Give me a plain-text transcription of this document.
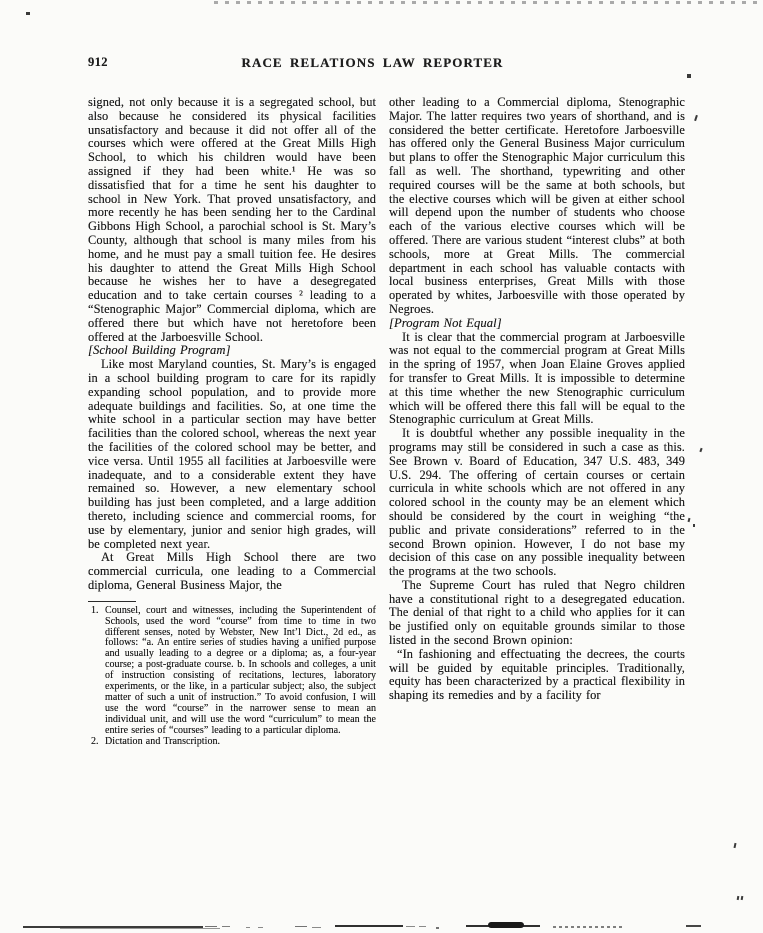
912	RACE RELATIONS LAW REPORTER

signed, not only because it is a segregated school, but also because he considered its physical facilities unsatisfactory and because it did not offer all of the courses which were offered at the Great Mills High School, to which his children would have been assigned if they had been white.¹ He was so dissatisfied that for a time he sent his daughter to school in New York. That proved unsatisfactory, and more recently he has been sending her to the Cardinal Gibbons High School, a parochial school is St. Mary’s County, although that school is many miles from his home, and he must pay a small tuition fee. He desires his daughter to attend the Great Mills High School because he wishes her to have a desegregated education and to take certain courses ² leading to a “Stenographic Major” Commercial diploma, which are offered there but which have not heretofore been offered at the Jarboesville School.

[School Building Program]

Like most Maryland counties, St. Mary’s is engaged in a school building program to care for its rapidly expanding school population, and to provide more adequate buildings and facilities. So, at one time the white school in a particular section may have better facilities than the colored school, whereas the next year the facilities of the colored school may be better, and vice versa. Until 1955 all facilities at Jarboesville were inadequate, and to a considerable extent they have remained so. However, a new elementary school building has just been completed, and a large addition thereto, including science and commercial rooms, for use by elementary, junior and senior high grades, will be completed next year.

At Great Mills High School there are two commercial curricula, one leading to a Commercial diploma, General Business Major, the

1. Counsel, court and witnesses, including the Superintendent of Schools, used the word “course” from time to time in two different senses, noted by Webster, New Int’l Dict., 2d ed., as follows: “a. An entire series of studies having a unified purpose and usually leading to a degree or a diploma; as, a four-year course; a post-graduate course. b. In schools and colleges, a unit of instruction consisting of recitations, lectures, laboratory experiments, or the like, in a particular subject; also, the subject matter of such a unit of instruction.” To avoid confusion, I will use the word “course” in the narrower sense to mean an individual unit, and will use the word “curriculum” to mean the entire series of “courses” leading to a particular diploma.
2. Dictation and Transcription.

other leading to a Commercial diploma, Stenographic Major. The latter requires two years of shorthand, and is considered the better certificate. Heretofore Jarboesville has offered only the General Business Major curriculum but plans to offer the Stenographic Major curriculum this fall as well. The shorthand, typewriting and other required courses will be the same at both schools, but the elective courses which will be given at either school will depend upon the number of students who choose each of the various elective courses which will be offered. There are various student “interest clubs” at both schools, more at Great Mills. The commercial department in each school has valuable contacts with local business enterprises, Great Mills with those operated by whites, Jarboesville with those operated by Negroes.

[Program Not Equal]

It is clear that the commercial program at Jarboesville was not equal to the commercial program at Great Mills in the spring of 1957, when Joan Elaine Groves applied for transfer to Great Mills. It is impossible to determine at this time whether the new Stenographic curriculum which will be offered there this fall will be equal to the Stenographic curriculum at Great Mills.

It is doubtful whether any possible inequality in the programs may still be considered in such a case as this. See Brown v. Board of Education, 347 U.S. 483, 349 U.S. 294. The offering of certain courses or certain curricula in white schools which are not offered in any colored school in the county may be an element which should be considered by the court in weighing “the public and private considerations” referred to in the second Brown opinion. However, I do not base my decision of this case on any possible inequality between the programs at the two schools.

The Supreme Court has ruled that Negro children have a constitutional right to a desegregated education. The denial of that right to a child who applies for it can be justified only on equitable grounds similar to those listed in the second Brown opinion:

“In fashioning and effectuating the decrees, the courts will be guided by equitable principles. Traditionally, equity has been characterized by a practical flexibility in shaping its remedies and by a facility for
